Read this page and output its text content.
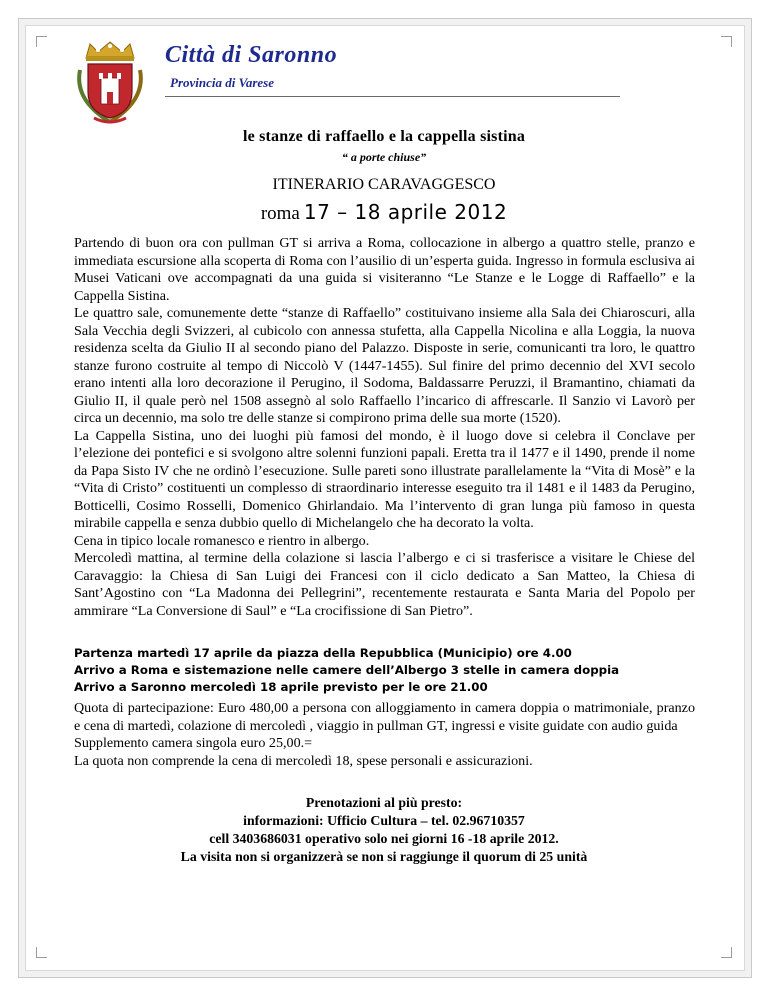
Città di Saronno
Provincia di Varese
le stanze di raffaello e la cappella sistina
“ a porte chiuse”
ITINERARIO CARAVAGGESCO
roma 17 – 18 aprile 2012

Partendo di buon ora con pullman GT si arriva a Roma, collocazione in albergo a quattro stelle, pranzo e immediata escursione alla scoperta di Roma con l’ausilio di un’esperta guida. Ingresso in formula esclusiva ai Musei Vaticani ove accompagnati da una guida si visiteranno “Le Stanze e le Logge di Raffaello” e la Cappella Sistina.

Le quattro sale, comunemente dette “stanze di Raffaello” costituivano insieme alla Sala dei Chiaroscuri, alla Sala Vecchia degli Svizzeri, al cubicolo con annessa stufetta, alla Cappella Nicolina e alla Loggia, la nuova residenza scelta da Giulio II al secondo piano del Palazzo. Disposte in serie, comunicanti tra loro, le quattro stanze furono costruite al tempo di Niccolò V (1447-1455). Sul finire del primo decennio del XVI secolo erano intenti alla loro decorazione il Perugino, il Sodoma, Baldassarre Peruzzi, il Bramantino, chiamati da Giulio II, il quale però nel 1508 assegnò al solo Raffaello l’incarico di affrescarle. Il Sanzio vi Lavorò per circa un decennio, ma solo tre delle stanze si compirono prima delle sua morte (1520).

La Cappella Sistina, uno dei luoghi più famosi del mondo, è il luogo dove si celebra il Conclave per l’elezione dei pontefici e si svolgono altre solenni funzioni papali. Eretta tra il 1477 e il 1490, prende il nome da Papa Sisto IV che ne ordinò l’esecuzione. Sulle pareti sono illustrate parallelamente la “Vita di Mosè” e la “Vita di Cristo” costituenti un complesso di straordinario interesse eseguito tra il 1481 e il 1483 da Perugino, Botticelli, Cosimo Rosselli, Domenico Ghirlandaio. Ma l’intervento di gran lunga più famoso in questa mirabile cappella e senza dubbio quello di Michelangelo che ha decorato la volta.

Cena in tipico locale romanesco e rientro in albergo.

Mercoledì mattina, al termine della colazione si lascia l’albergo e ci si trasferisce a visitare le Chiese del Caravaggio: la Chiesa di San Luigi dei Francesi con il ciclo dedicato a San Matteo, la Chiesa di Sant’Agostino con “La Madonna dei Pellegrini”, recentemente restaurata e Santa Maria del Popolo per ammirare “La Conversione di Saul” e “La crocifissione di San Pietro”.

Partenza martedì 17 aprile da piazza della Repubblica (Municipio) ore 4.00
Arrivo a Roma e sistemazione nelle camere dell’Albergo 3 stelle in camera doppia
Arrivo a Saronno mercoledì 18 aprile previsto per le ore 21.00

Quota di partecipazione: Euro 480,00 a persona con alloggiamento in camera doppia o matrimoniale, pranzo e cena di martedì, colazione di mercoledì , viaggio in pullman GT, ingressi e visite guidate con audio guida

Supplemento camera singola euro 25,00.=

La quota non comprende la cena di mercoledì 18, spese personali e assicurazioni.

Prenotazioni al più presto:
informazioni: Ufficio Cultura – tel. 02.96710357
cell 3403686031 operativo solo nei giorni 16 -18 aprile 2012.
La visita non si organizzerà se non si raggiunge il quorum di 25 unità
